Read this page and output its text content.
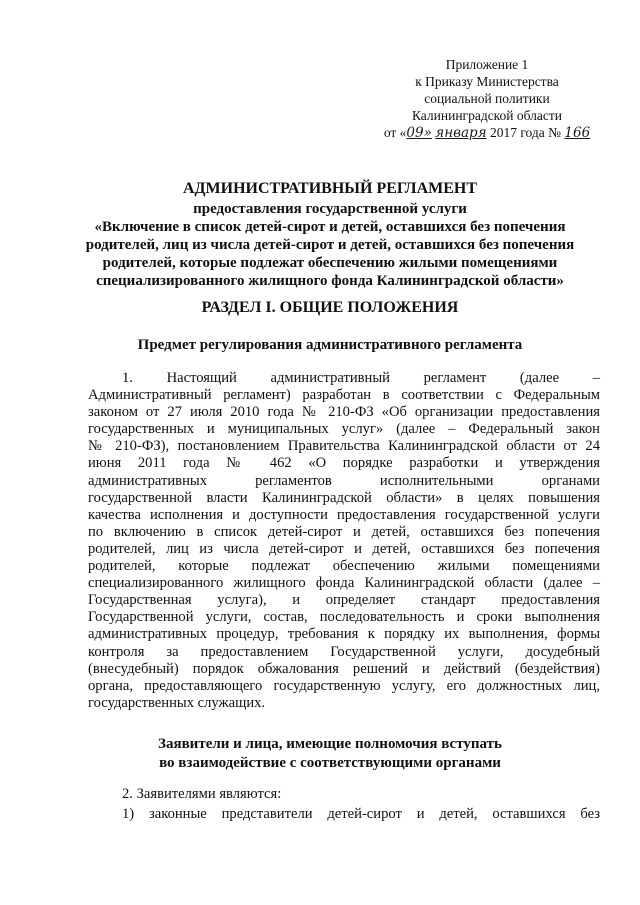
Приложение 1
к Приказу Министерства
социальной политики
Калининградской области
от «09» января 2017 года № 166
АДМИНИСТРАТИВНЫЙ РЕГЛАМЕНТ
предоставления государственной услуги
«Включение в список детей-сирот и детей, оставшихся без попечения
родителей, лиц из числа детей-сирот и детей, оставшихся без попечения
родителей, которые подлежат обеспечению жилыми помещениями
специализированного жилищного фонда Калининградской области»
РАЗДЕЛ I. ОБЩИЕ ПОЛОЖЕНИЯ
Предмет регулирования административного регламента
1. Настоящий административный регламент (далее –
Административный регламент) разработан в соответствии с Федеральным
законом от 27 июля 2010 года № 210-ФЗ «Об организации предоставления
государственных и муниципальных услуг» (далее – Федеральный закон
№ 210-ФЗ), постановлением Правительства Калининградской области от 24
июня 2011 года № 462 «О порядке разработки и утверждения
административных регламентов исполнительными органами
государственной власти Калининградской области» в целях повышения
качества исполнения и доступности предоставления государственной услуги
по включению в список детей-сирот и детей, оставшихся без попечения
родителей, лиц из числа детей-сирот и детей, оставшихся без попечения
родителей, которые подлежат обеспечению жилыми помещениями
специализированного жилищного фонда Калининградской области (далее –
Государственная услуга), и определяет стандарт предоставления
Государственной услуги, состав, последовательность и сроки выполнения
административных процедур, требования к порядку их выполнения, формы
контроля за предоставлением Государственной услуги, досудебный
(внесудебный) порядок обжалования решений и действий (бездействия)
органа, предоставляющего государственную услугу, его должностных лиц,
государственных служащих.
Заявители и лица, имеющие полномочия вступать
во взаимодействие с соответствующими органами
2. Заявителями являются:
1) законные представители детей-сирот и детей, оставшихся без
